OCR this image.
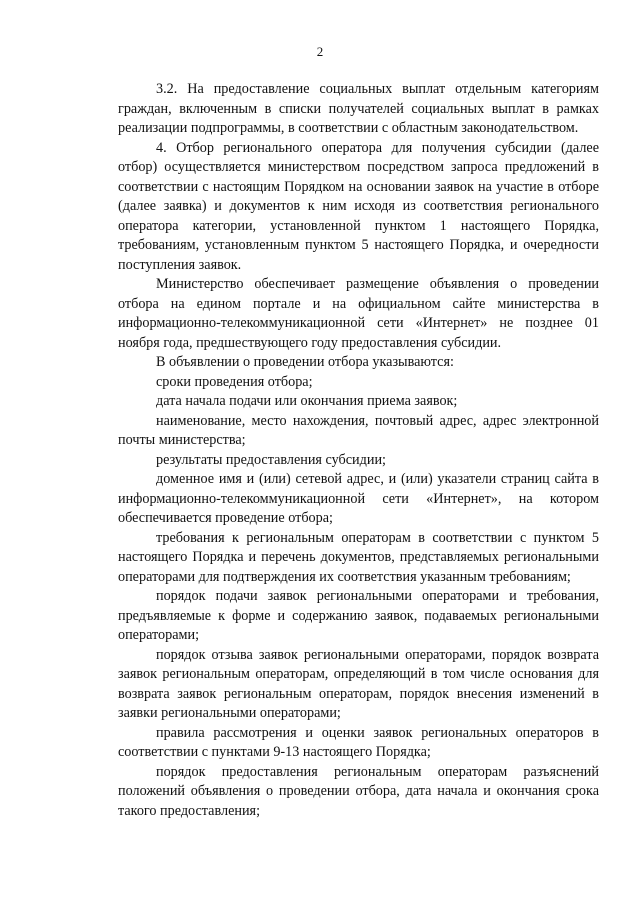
2

3.2. На предоставление социальных выплат отдельным категориям граждан, включенным в списки получателей социальных выплат в рамках реализации подпрограммы, в соответствии с областным законодательством.

4. Отбор регионального оператора для получения субсидии (далее отбор) осуществляется министерством посредством запроса предложений в соответствии с настоящим Порядком на основании заявок на участие в отборе (далее заявка) и документов к ним исходя из соответствия регионального оператора категории, установленной пунктом 1 настоящего Порядка, требованиям, установленным пунктом 5 настоящего Порядка, и очередности поступления заявок.

Министерство обеспечивает размещение объявления о проведении отбора на едином портале и на официальном сайте министерства в информационно-телекоммуникационной сети «Интернет» не позднее 01 ноября года, предшествующего году предоставления субсидии.

В объявлении о проведении отбора указываются:

сроки проведения отбора;

дата начала подачи или окончания приема заявок;

наименование, место нахождения, почтовый адрес, адрес электронной почты министерства;

результаты предоставления субсидии;

доменное имя и (или) сетевой адрес, и (или) указатели страниц сайта в информационно-телекоммуникационной сети «Интернет», на котором обеспечивается проведение отбора;

требования к региональным операторам в соответствии с пунктом 5 настоящего Порядка и перечень документов, представляемых региональными операторами для подтверждения их соответствия указанным требованиям;

порядок подачи заявок региональными операторами и требования, предъявляемые к форме и содержанию заявок, подаваемых региональными операторами;

порядок отзыва заявок региональными операторами, порядок возврата заявок региональным операторам, определяющий в том числе основания для возврата заявок региональным операторам, порядок внесения изменений в заявки региональными операторами;

правила рассмотрения и оценки заявок региональных операторов в соответствии с пунктами 9-13 настоящего Порядка;

порядок предоставления региональным операторам разъяснений положений объявления о проведении отбора, дата начала и окончания срока такого предоставления;
